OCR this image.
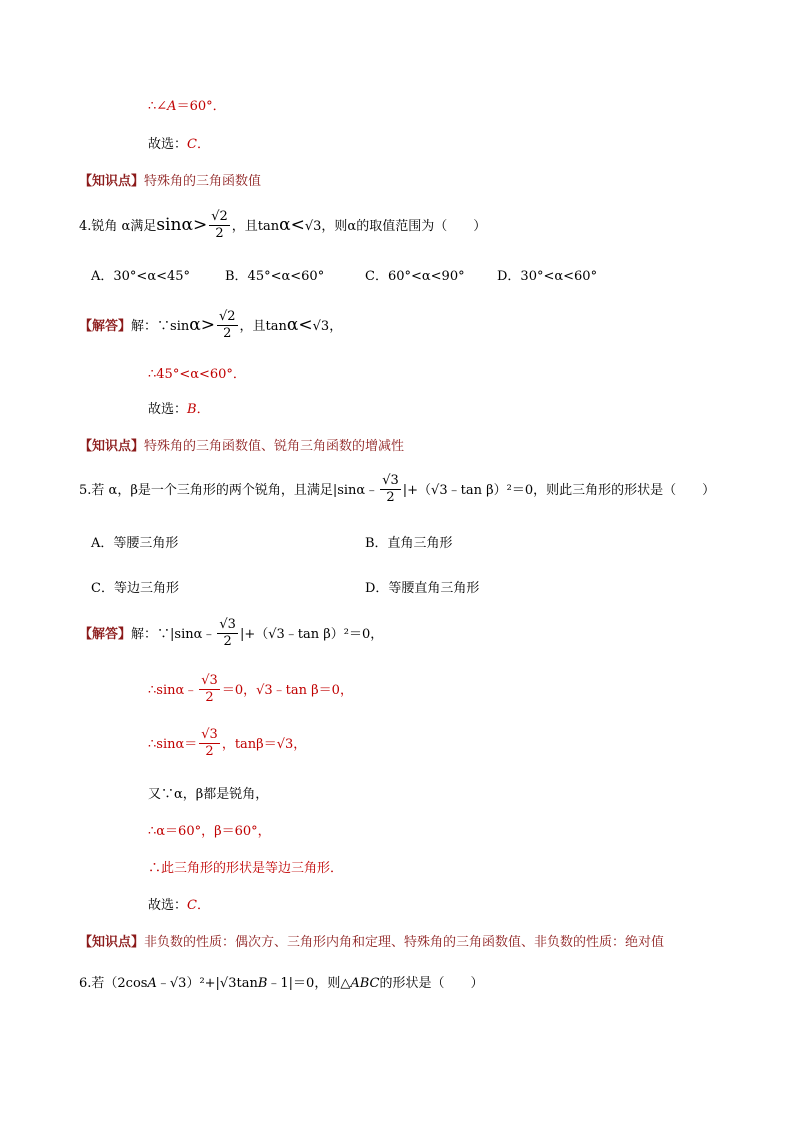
∴∠A＝60°．
故选：C．
【知识点】特殊角的三角函数值
4.锐角 α满足$\sin\alpha> \frac{√2}{2}$ ，且tanα<√3，则α的取值范围为（　　）
A．30°<α<45°	B．45°<α<60°	C．60°<α<90° D．30°<α<60°
【解答】解：∵sinα> $\frac{√2}{2}$ ，且tanα<√3，
∴45°<α<60°．
故选：B．
【知识点】特殊角的三角函数值、锐角三角函数的增减性
5.若 α，β是一个三角形的两个锐角，且满足|sinα﹣ $\frac{√3}{2}$ |+（√3﹣tan β）²＝0，则此三角形的形状是（　　）
A．等腰三角形	B．直角三角形
C．等边三角形	D．等腰直角三角形
【解答】解：∵|sinα﹣ $\frac{√3}{2}$ |+（√3﹣tan β）²＝0，
∴sinα﹣ $\frac{√3}{2} =0$，√3﹣tan β＝0，
∴sinα＝ $\frac{√3}{2}$ ，tanβ＝√3，
又∵α，β都是锐角，
∴α＝60°，β＝60°，
∴此三角形的形状是等边三角形．
故选：C．
【知识点】非负数的性质：偶次方、三角形内角和定理、特殊角的三角函数值、非负数的性质：绝对值
6.若（2cosA﹣√3）²+|√3tanB﹣1|＝0，则△ABC的形状是（　　）
